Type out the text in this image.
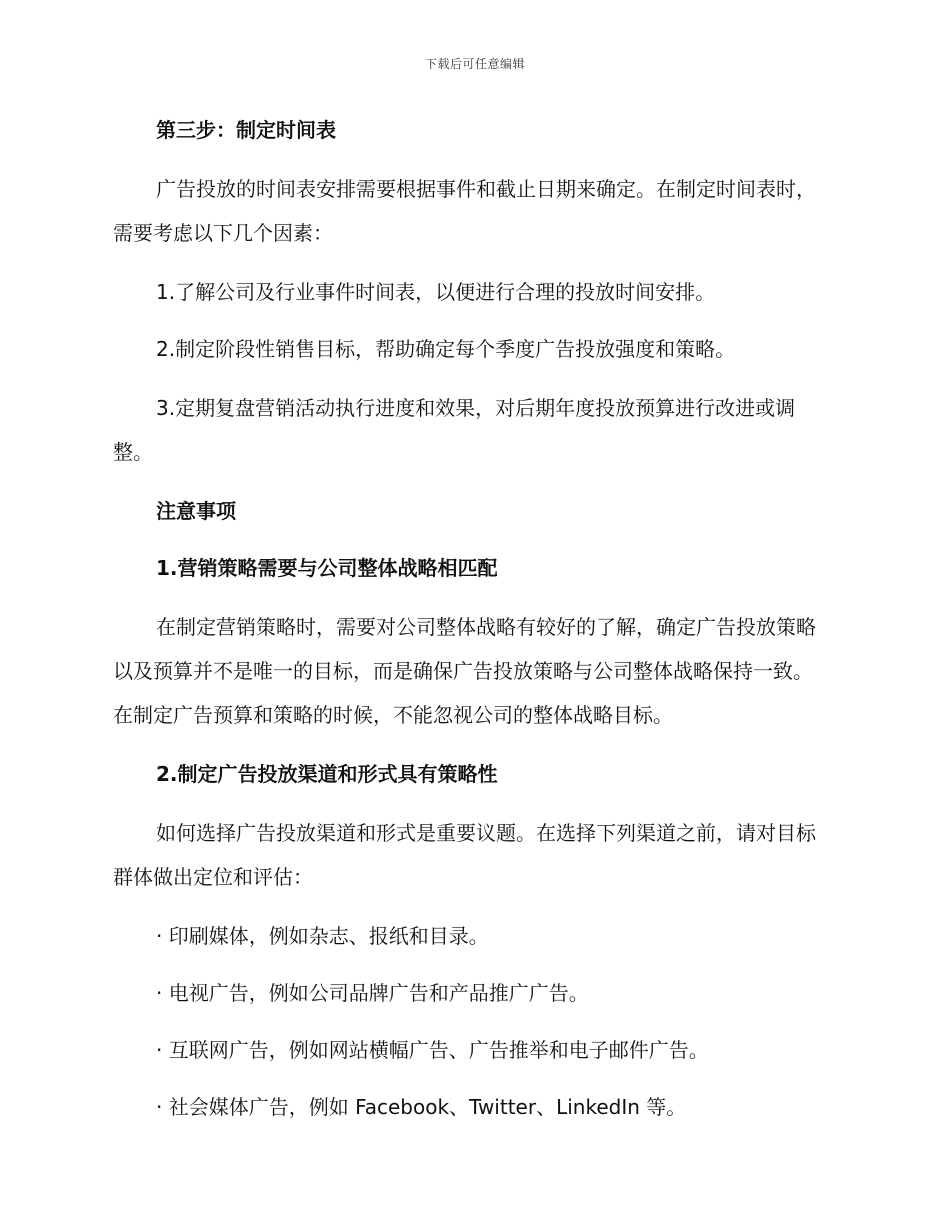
下载后可任意编辑

第三步：制定时间表

广告投放的时间表安排需要根据事件和截止日期来确定。在制定时间表时，需要考虑以下几个因素：

1.了解公司及行业事件时间表，以便进行合理的投放时间安排。

2.制定阶段性销售目标，帮助确定每个季度广告投放强度和策略。

3.定期复盘营销活动执行进度和效果，对后期年度投放预算进行改进或调整。

注意事项

1.营销策略需要与公司整体战略相匹配

在制定营销策略时，需要对公司整体战略有较好的了解，确定广告投放策略以及预算并不是唯一的目标，而是确保广告投放策略与公司整体战略保持一致。在制定广告预算和策略的时候，不能忽视公司的整体战略目标。

2.制定广告投放渠道和形式具有策略性

如何选择广告投放渠道和形式是重要议题。在选择下列渠道之前，请对目标群体做出定位和评估：

· 印刷媒体，例如杂志、报纸和目录。

· 电视广告，例如公司品牌广告和产品推广广告。

· 互联网广告，例如网站横幅广告、广告推举和电子邮件广告。

· 社会媒体广告，例如 Facebook、Twitter、LinkedIn 等。
